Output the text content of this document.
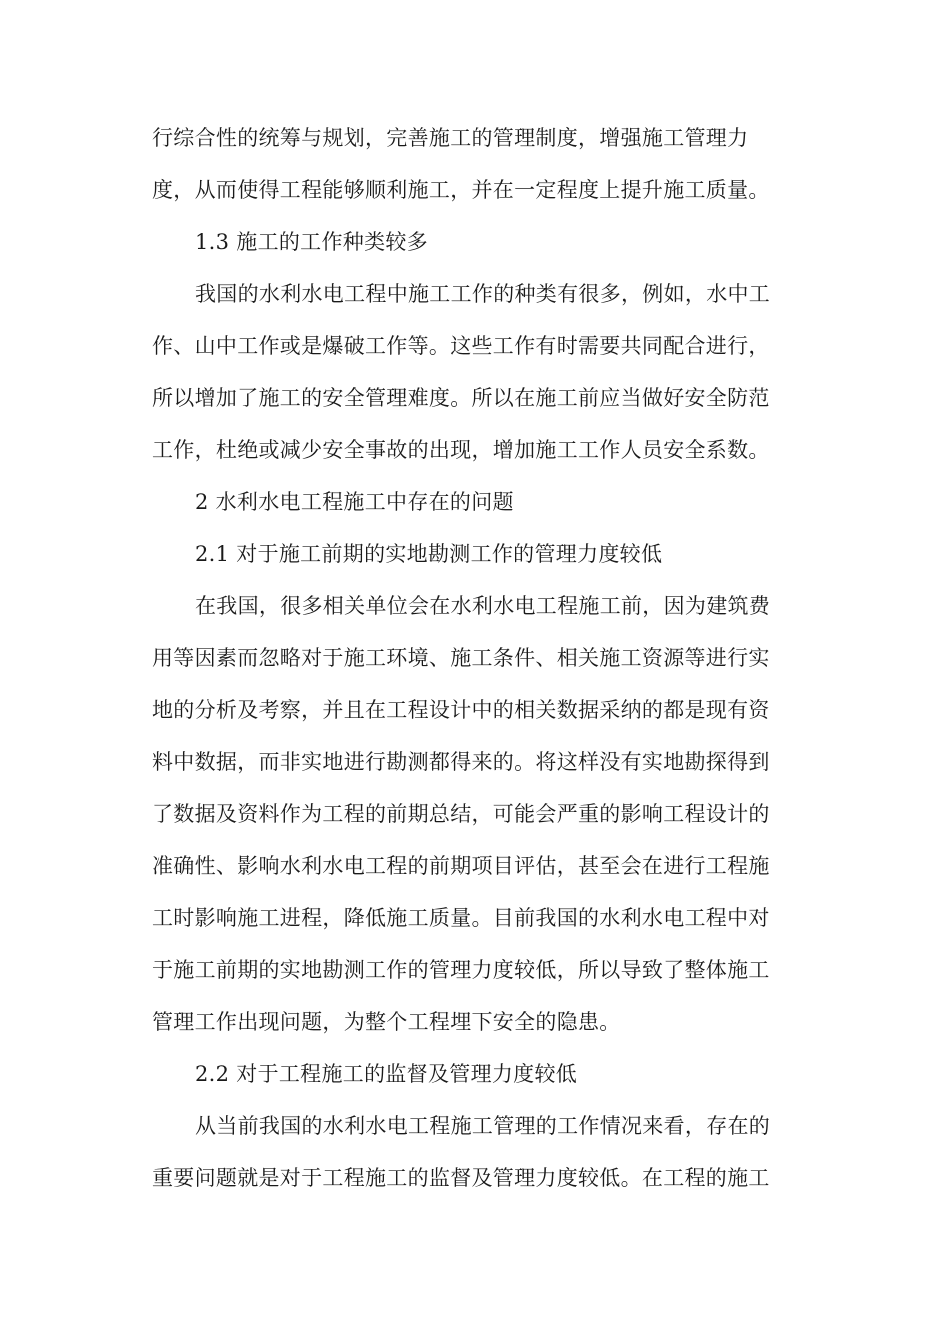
行综合性的统筹与规划，完善施工的管理制度，增强施工管理力
度，从而使得工程能够顺利施工，并在一定程度上提升施工质量。
1.3 施工的工作种类较多
我国的水利水电工程中施工工作的种类有很多，例如，水中工
作、山中工作或是爆破工作等。这些工作有时需要共同配合进行，
所以增加了施工的安全管理难度。所以在施工前应当做好安全防范
工作，杜绝或减少安全事故的出现，增加施工工作人员安全系数。
2 水利水电工程施工中存在的问题
2.1 对于施工前期的实地勘测工作的管理力度较低
在我国，很多相关单位会在水利水电工程施工前，因为建筑费
用等因素而忽略对于施工环境、施工条件、相关施工资源等进行实
地的分析及考察，并且在工程设计中的相关数据采纳的都是现有资
料中数据，而非实地进行勘测都得来的。将这样没有实地勘探得到
了数据及资料作为工程的前期总结，可能会严重的影响工程设计的
准确性、影响水利水电工程的前期项目评估，甚至会在进行工程施
工时影响施工进程，降低施工质量。目前我国的水利水电工程中对
于施工前期的实地勘测工作的管理力度较低，所以导致了整体施工
管理工作出现问题，为整个工程埋下安全的隐患。
2.2 对于工程施工的监督及管理力度较低
从当前我国的水利水电工程施工管理的工作情况来看，存在的
重要问题就是对于工程施工的监督及管理力度较低。在工程的施工
